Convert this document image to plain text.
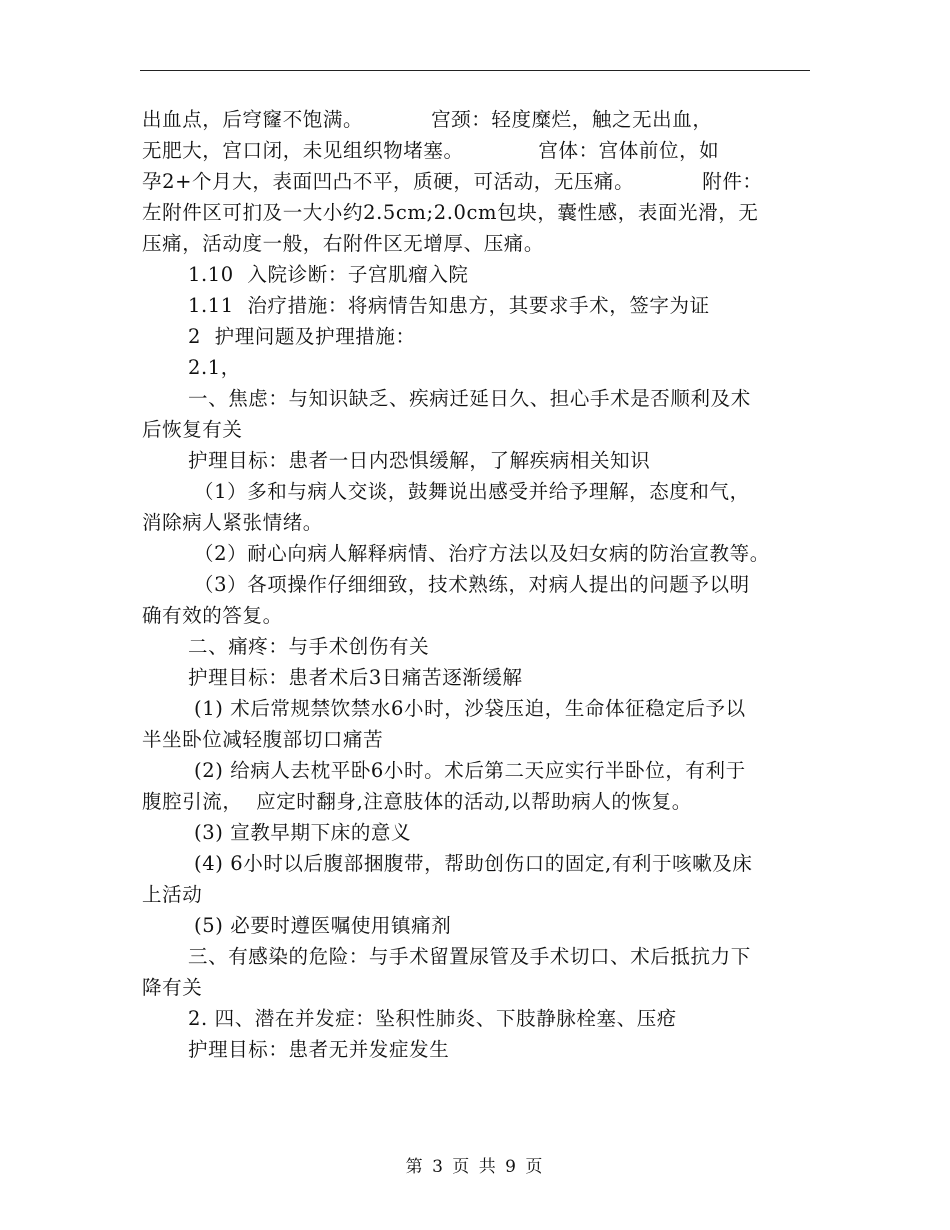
出血点，后穹窿不饱满。          宫颈：轻度糜烂，触之无出血，
无肥大，宫口闭，未见组织物堵塞。           宫体：宫体前位，如
孕2+个月大，表面凹凸不平，质硬，可活动，无压痛。          附件：
左附件区可扪及一大小约2.5cm;2.0cm包块，囊性感，表面光滑，无
压痛，活动度一般，右附件区无增厚、压痛。
1.10  入院诊断：子宫肌瘤入院
1.11  治疗措施：将病情告知患方，其要求手术，签字为证
2  护理问题及护理措施：
2.1，
一、焦虑：与知识缺乏、疾病迁延日久、担心手术是否顺利及术
后恢复有关
护理目标：患者一日内恐惧缓解，了解疾病相关知识
（1）多和与病人交谈，鼓舞说出感受并给予理解，态度和气，
消除病人紧张情绪。
（2）耐心向病人解释病情、治疗方法以及妇女病的防治宣教等。
（3）各项操作仔细细致，技术熟练，对病人提出的问题予以明
确有效的答复。
二、痛疼：与手术创伤有关
护理目标：患者术后3日痛苦逐渐缓解
(1) 术后常规禁饮禁水6小时，沙袋压迫，生命体征稳定后予以
半坐卧位减轻腹部切口痛苦
(2) 给病人去枕平卧6小时。术后第二天应实行半卧位，有利于
腹腔引流，  应定时翻身,注意肢体的活动,以帮助病人的恢复。
(3) 宣教早期下床的意义
(4) 6小时以后腹部捆腹带，帮助创伤口的固定,有利于咳嗽及床
上活动
(5) 必要时遵医嘱使用镇痛剂
三、有感染的危险：与手术留置尿管及手术切口、术后抵抗力下
降有关
2. 四、潜在并发症：坠积性肺炎、下肢静脉栓塞、压疮
护理目标：患者无并发症发生
第 3 页 共 9 页
